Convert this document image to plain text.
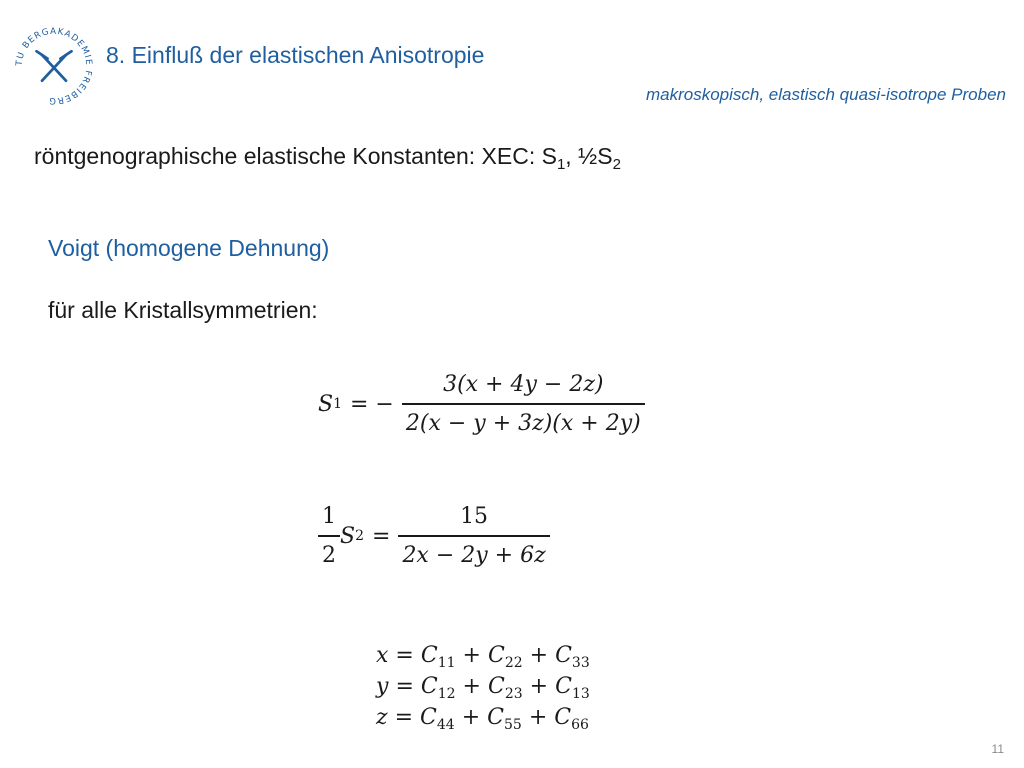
TU BERGAKADEMIE FREIBERG
8. Einfluß der elastischen Anisotropie
makroskopisch, elastisch quasi-isotrope Proben
röntgenographische elastische Konstanten: XEC: $S_1$, $\frac{1}{2}S_2$
Voigt (homogene Dehnung)
für alle Kristallsymmetrien:
S 1 = − $\frac{3(x + 4y - 2z)}{2(x - y + 3z)(x + 2y)}$
$\frac{1}{2}$ S $2 = \frac{15}{2x - 2y + 6z}$
$x = C_{11} + C_{22} + C_{33}$
$y = C_{12} + C_{23} + C_{13}$
$z = C_{44} + C_{55} + C_{66}$
11
